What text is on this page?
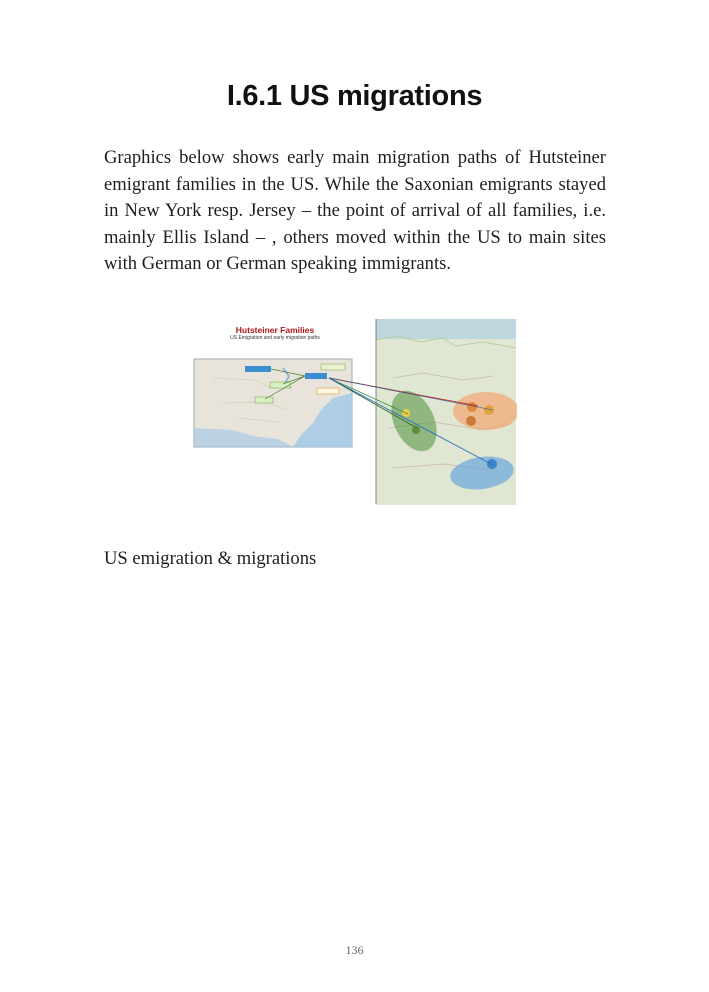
I.6.1 US migrations

Graphics below shows early main migration paths of Hutsteiner emigrant families in the US. While the Saxonian emigrants stayed in New York resp. Jersey – the point of arrival of all families, i.e. mainly Ellis Island – , others moved within the US to main sites with German or German speaking immigrants.

Hutsteiner Families
US Emigration and early migration paths

US emigration & migrations

136
